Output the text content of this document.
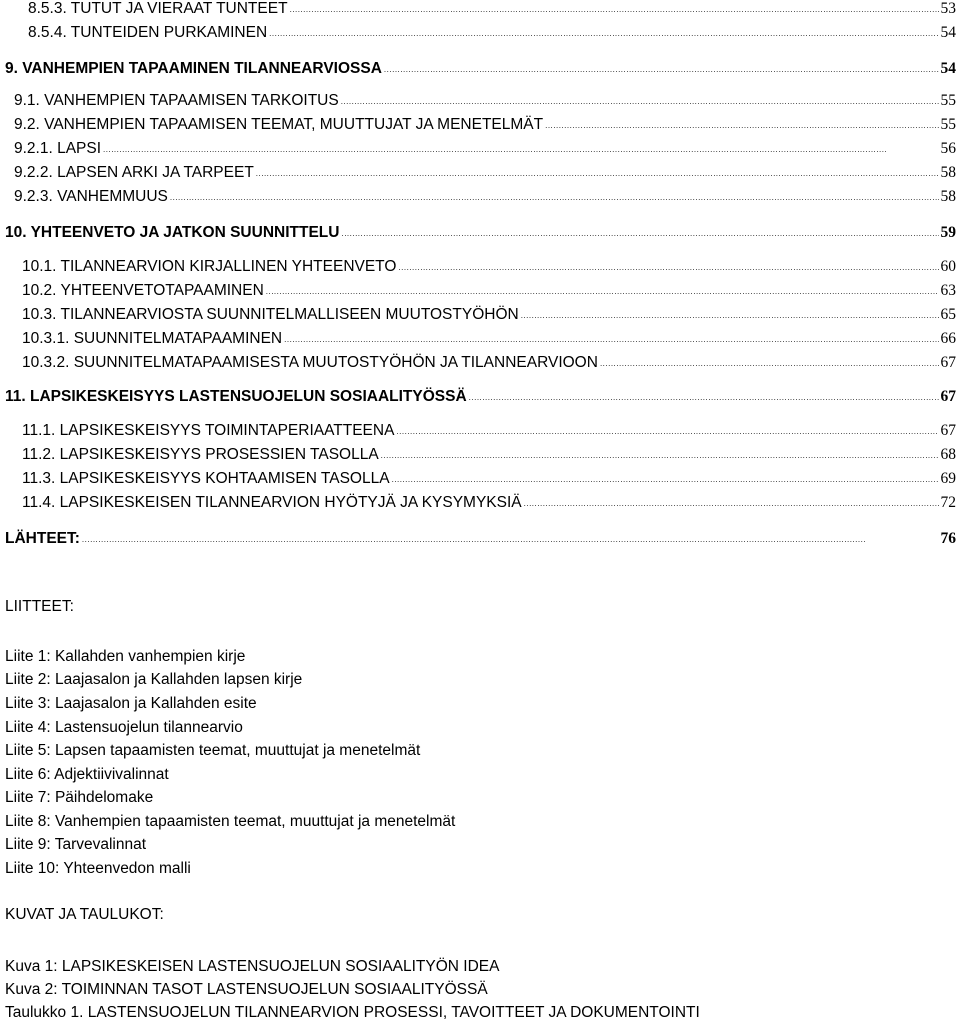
8.5.3. TUTUT JA VIERAAT TUNTEET .....	53
8.5.4. TUNTEIDEN PURKAMINEN .....	54
9. VANHEMPIEN TAPAAMINEN TILANNEARVIOSSA .....	54
9.1. VANHEMPIEN TAPAAMISEN TARKOITUS .....	55
9.2. VANHEMPIEN TAPAAMISEN TEEMAT, MUUTTUJAT JA MENETELMÄT .....	55
9.2.1. LAPSI .....	56
9.2.2. LAPSEN ARKI JA TARPEET .....	58
9.2.3. VANHEMMUUS .....	58
10. YHTEENVETO JA JATKON SUUNNITTELU .....	59
10.1. TILANNEARVION KIRJALLINEN YHTEENVETO .....	60
10.2. YHTEENVETOTAPAAMINEN .....	63
10.3. TILANNEARVIOSTA SUUNNITELMALLISEEN MUUTOSTYÖHÖN .....	65
10.3.1. SUUNNITELMATAPAAMINEN .....	66
10.3.2. SUUNNITELMATAPAAMISESTA MUUTOSTYÖHÖN JA TILANNEARVIOON .....	67
11. LAPSIKESKEISYYS LASTENSUOJELUN SOSIAALITYÖSSÄ .....	67
11.1. LAPSIKESKEISYYS TOIMINTAPERIAATTEENA .....	67
11.2. LAPSIKESKEISYYS PROSESSIEN TASOLLA .....	68
11.3. LAPSIKESKEISYYS KOHTAAMISEN TASOLLA .....	69
11.4. LAPSIKESKEISEN TILANNEARVION HYÖTYJÄ JA KYSYMYKSIÄ .....	72
LÄHTEET: .....	76
LIITTEET:
Liite 1: Kallahden vanhempien kirje
Liite 2: Laajasalon ja Kallahden lapsen kirje
Liite 3: Laajasalon ja Kallahden esite
Liite 4: Lastensuojelun tilannearvio
Liite 5: Lapsen tapaamisten teemat, muuttujat ja menetelmät
Liite 6: Adjektiivivalinnat
Liite 7: Päihdelomake
Liite 8: Vanhempien tapaamisten teemat, muuttujat ja menetelmät
Liite 9: Tarvevalinnat
Liite 10: Yhteenvedon malli
KUVAT JA TAULUKOT:
Kuva 1: LAPSIKESKEISEN LASTENSUOJELUN SOSIAALITYÖN IDEA
Kuva 2: TOIMINNAN TASOT LASTENSUOJELUN SOSIAALITYÖSSÄ
Taulukko 1. LASTENSUOJELUN TILANNEARVION PROSESSI, TAVOITTEET JA DOKUMENTOINTI
